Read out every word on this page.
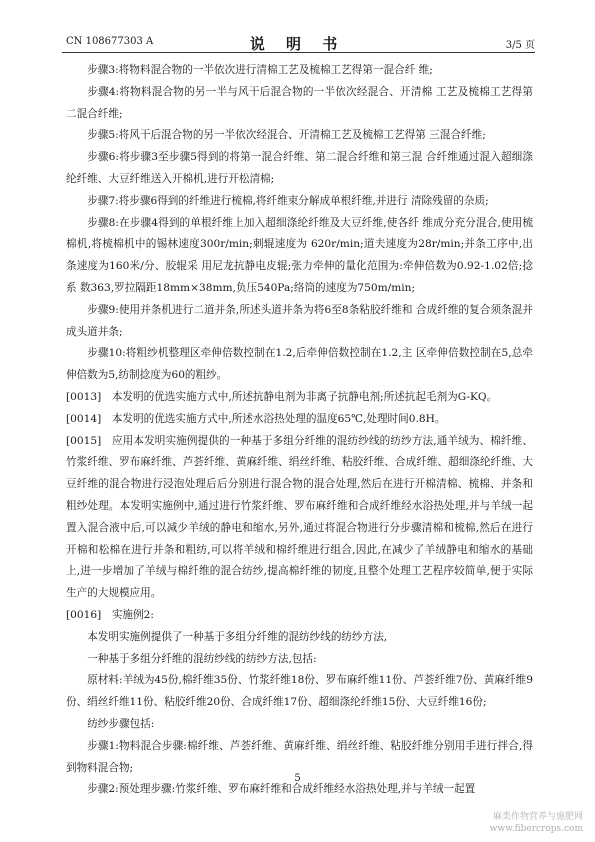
CN 108677303 A	说 明 书	3/5 页

步骤3:将物料混合物的一半依次进行清棉工艺及梳棉工艺得第一混合纤 维;

步骤4:将物料混合物的另一半与风干后混合物的一半依次经混合、开清棉 工艺及梳棉工艺得第二混合纤维;

步骤5:将风干后混合物的另一半依次经混合、开清棉工艺及梳棉工艺得第 三混合纤维;

步骤6:将步骤3至步骤5得到的将第一混合纤维、第二混合纤维和第三混 合纤维通过混入超细涤纶纤维、大豆纤维送入开棉机,进行开松清棉;

步骤7:将步骤6得到的纤维进行梳棉,将纤维束分解成单根纤维,并进行 清除残留的杂质;

步骤8:在步骤4得到的单根纤维上加入超细涤纶纤维及大豆纤维,使各纤 维成分充分混合,使用梳棉机,将梳棉机中的锡林速度300r/min;刺辊速度为 620r/min;道夫速度为28r/min;并条工序中,出条速度为160米/分、胶辊采 用尼龙抗静电皮辊;张力牵伸的量化范围为:牵伸倍数为0.92-1.02倍;捻系 数363,罗拉隔距18mm×38mm,负压540Pa;络筒的速度为750m/min;

步骤9:使用并条机进行二道并条,所述头道并条为将6至8条粘胶纤维和 合成纤维的复合须条混并成头道并条;

步骤10:将粗纱机整理区牵伸倍数控制在1.2,后牵伸倍数控制在1.2,主 区牵伸倍数控制在5,总牵伸倍数为5,纺制捻度为60的粗纱。

[0013] 本发明的优选实施方式中,所述抗静电剂为非离子抗静电剂;所述抗起毛剂为G-KQ。

[0014] 本发明的优选实施方式中,所述水浴热处理的温度65℃,处理时间0.8H。

[0015] 应用本发明实施例提供的一种基于多组分纤维的混纺纱线的纺纱方法,通羊绒为、棉纤维、竹浆纤维、罗布麻纤维、芦荟纤维、黄麻纤维、绢丝纤维、粘胶纤维、合成纤维、超细涤纶纤维、大豆纤维的混合物进行浸泡处理后后分别进行混合物的混合处理,然后在进行开棉清棉、梳棉、并条和粗纱处理。本发明实施例中,通过进行竹浆纤维、罗布麻纤维和合成纤维经水浴热处理,并与羊绒一起置入混合液中后,可以减少羊绒的静电和缩水,另外,通过将混合物进行分步骤清棉和梳棉,然后在进行开棉和松棉在进行并条和粗纺,可以将羊绒和棉纤维进行组合,因此,在减少了羊绒静电和缩水的基础上,进一步增加了羊绒与棉纤维的混合纺纱,提高棉纤维的韧度,且整个处理工艺程序较简单,便于实际生产的大规模应用。

[0016] 实施例2:

本发明实施例提供了一种基于多组分纤维的混纺纱线的纺纱方法,

一种基于多组分纤维的混纺纱线的纺纱方法,包括:

原材料:羊绒为45份,棉纤维35份、竹浆纤维18份、罗布麻纤维11份、芦荟纤维7份、黄麻纤维9份、绢丝纤维11份、粘胶纤维20份、合成纤维17份、超细涤纶纤维15份、大豆纤维16份;

纺纱步骤包括:

步骤1:物料混合步骤:棉纤维、芦荟纤维、黄麻纤维、绢丝纤维、粘胶纤维分别用手进行拌合,得到物料混合物;

步骤2:预处理步骤:竹浆纤维、罗布麻纤维和合成纤维经水浴热处理,并与羊绒一起置

5
麻类作物营养与施肥网
www.fibercrops.com
